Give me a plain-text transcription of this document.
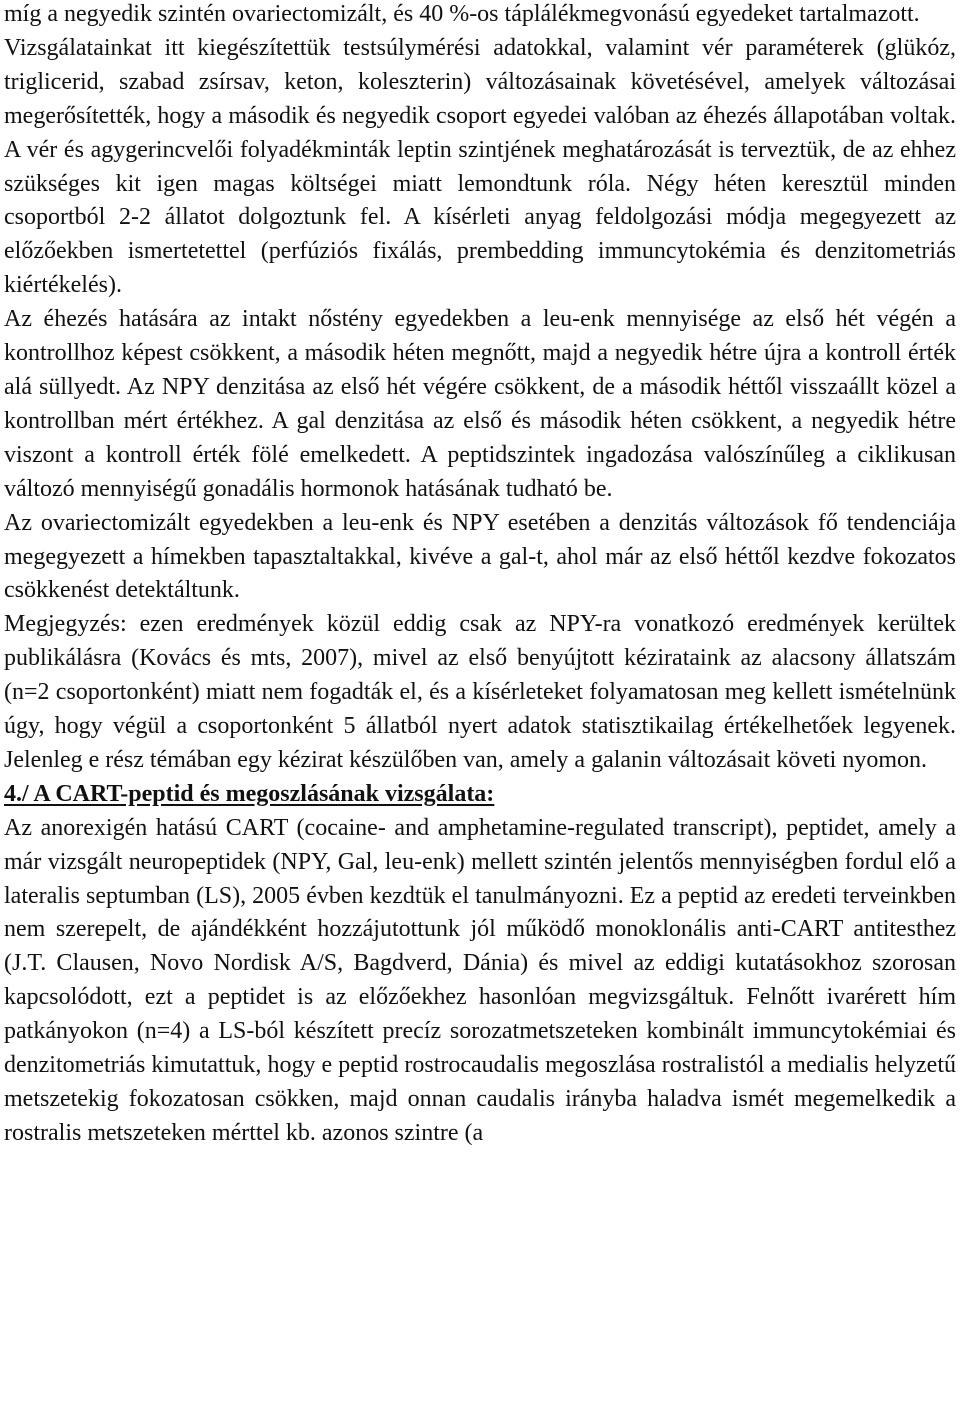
míg a negyedik szintén ovariectomizált, és 40 %-os táplálékmegvonású egyedeket tartalmazott.

Vizsgálatainkat itt kiegészítettük testsúlymérési adatokkal, valamint vér paraméterek (glükóz, triglicerid, szabad zsírsav, keton, koleszterin) változásainak követésével, amelyek változásai megerősítették, hogy a második és negyedik csoport egyedei valóban az éhezés állapotában voltak. A vér és agygerincvelői folyadékminták leptin szintjének meghatározását is terveztük, de az ehhez szükséges kit igen magas költségei miatt lemondtunk róla. Négy héten keresztül minden csoportból 2-2 állatot dolgoztunk fel. A kísérleti anyag feldolgozási módja megegyezett az előzőekben ismertetettel (perfúziós fixálás, prembedding immuncytokémia és denzitometriás kiértékelés).

Az éhezés hatására az intakt nőstény egyedekben a leu-enk mennyisége az első hét végén a kontrollhoz képest csökkent, a második héten megnőtt, majd a negyedik hétre újra a kontroll érték alá süllyedt. Az NPY denzitása az első hét végére csökkent, de a második héttől visszaállt közel a kontrollban mért értékhez. A gal denzitása az első és második héten csökkent, a negyedik hétre viszont a kontroll érték fölé emelkedett. A peptidszintek ingadozása valószínűleg a ciklikusan változó mennyiségű gonadális hormonok hatásának tudható be.

Az ovariectomizált egyedekben a leu-enk és NPY esetében a denzitás változások fő tendenciája megegyezett a hímekben tapasztaltakkal, kivéve a gal-t, ahol már az első héttől kezdve fokozatos csökkenést detektáltunk.

Megjegyzés: ezen eredmények közül eddig csak az NPY-ra vonatkozó eredmények kerültek publikálásra (Kovács és mts, 2007), mivel az első benyújtott kézirataink az alacsony állatszám (n=2 csoportonként) miatt nem fogadták el, és a kísérleteket folyamatosan meg kellett ismételnünk úgy, hogy végül a csoportonként 5 állatból nyert adatok statisztikailag értékelhetőek legyenek. Jelenleg e rész témában egy kézirat készülőben van, amely a galanin változásait követi nyomon.

4./ A CART-peptid és megoszlásának vizsgálata:

Az anorexigén hatású CART (cocaine- and amphetamine-regulated transcript), peptidet, amely a már vizsgált neuropeptidek (NPY, Gal, leu-enk) mellett szintén jelentős mennyiségben fordul elő a lateralis septumban (LS), 2005 évben kezdtük el tanulmányozni. Ez a peptid az eredeti terveinkben nem szerepelt, de ajándékként hozzájutottunk jól működő monoklonális anti-CART antitesthez (J.T. Clausen, Novo Nordisk A/S, Bagdverd, Dánia) és mivel az eddigi kutatásokhoz szorosan kapcsolódott, ezt a peptidet is az előzőekhez hasonlóan megvizsgáltuk. Felnőtt ivarérett hím patkányokon (n=4) a LS-ból készített precíz sorozatmetszeteken kombinált immuncytokémiai és denzitometriás kimutattuk, hogy e peptid rostrocaudalis megoszlása rostralistól a medialis helyzetű metszetekig fokozatosan csökken, majd onnan caudalis irányba haladva ismét megemelkedik a rostralis metszeteken mérttel kb. azonos szintre (a
